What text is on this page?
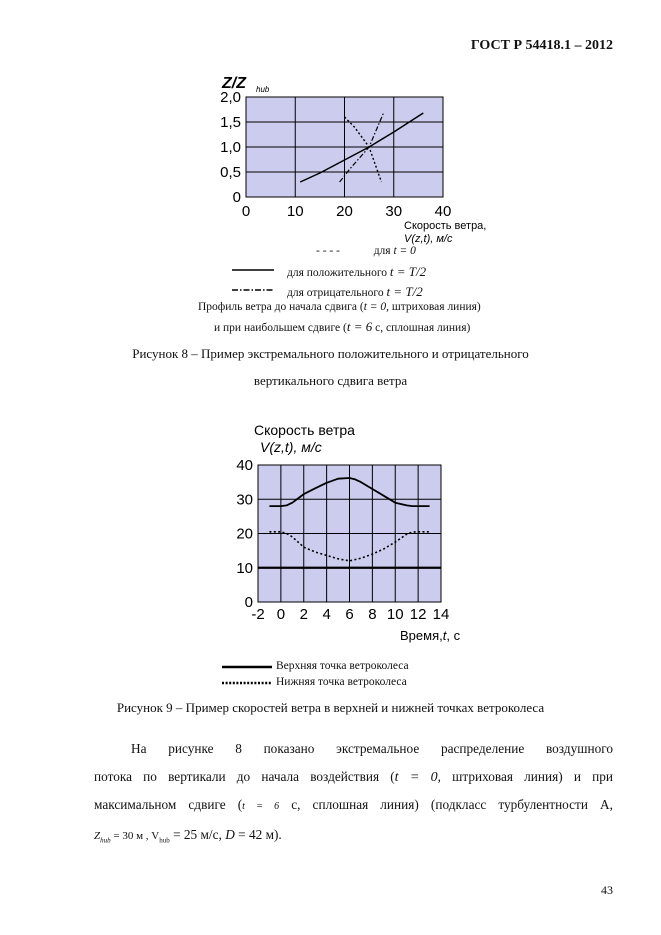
ГОСТ Р 54418.1 – 2012
Z/Z hub
0 10 20 30 40
0
0,5
1,0
1,5
2,0
Скорость ветра,
V(z,t), м/с
- - - -	для t = 0
для положительного t = T/2
для отрицательного t = T/2
Профиль ветра до начала сдвига (t = 0, штриховая линия)
и при наибольшем сдвиге (t = 6 с, сплошная линия)
Рисунок 8 – Пример экстремального положительного и отрицательного
вертикального сдвига ветра
Скорость ветра
V(z,t), м/с
-2 0 2 4 6 8 10 12 14
0
10
20
30
40
Время,t, с
Верхняя точка ветроколеса
Нижняя точка ветроколеса
Рисунок 9 – Пример скоростей ветра в верхней и нижней точках ветроколеса
На рисунке 8 показано экстремальное распределение воздушного
потока по вертикали до начала воздействия (t = 0, штриховая линия) и при
максимальном сдвиге (t = 6 с, сплошная линия) (подкласс турбулентности А,
$Z_{hub} = 30$ м , $V_{hub} = 25$ м/с, D = 42 м).
43
